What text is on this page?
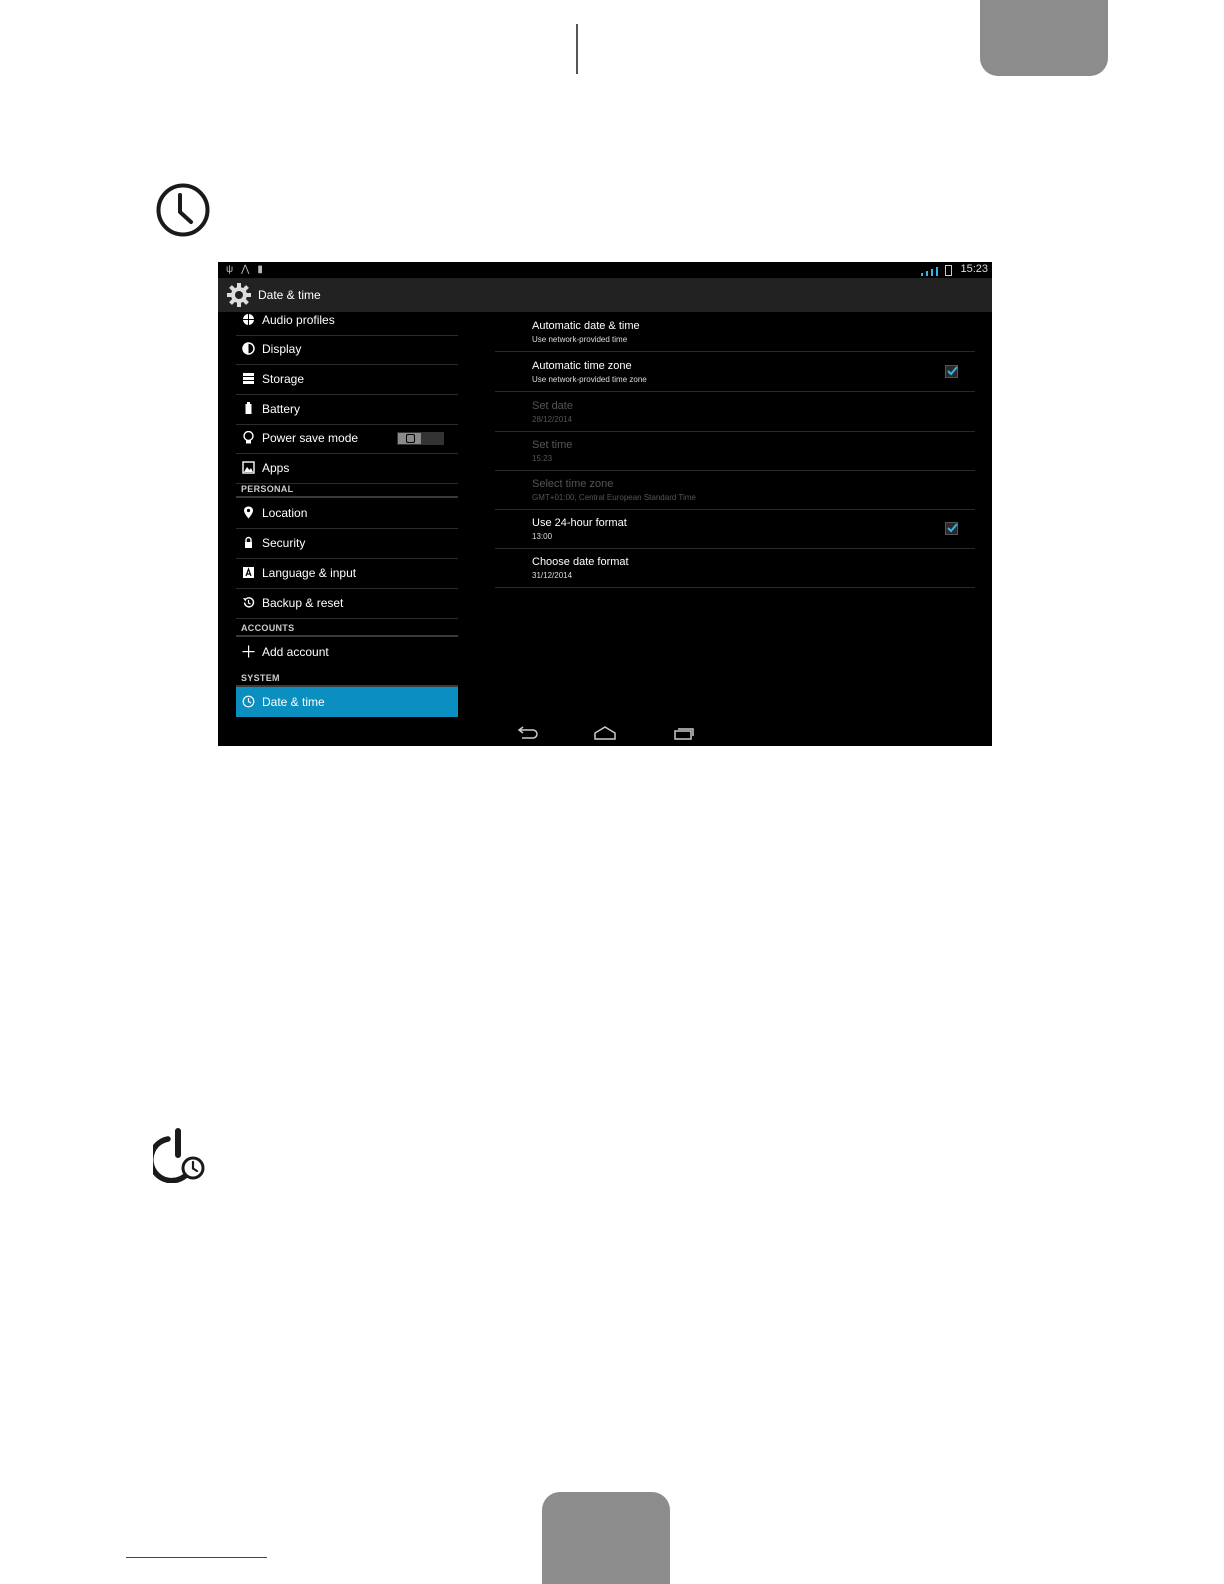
ψ ⋀ ▮	15:23
Date & time
Audio profiles
Display
Storage
Battery
Power save mode
Apps
PERSONAL
Location
Security
Language & input
Backup & reset
ACCOUNTS
Add account
SYSTEM
Date & time
Automatic date & time
Use network-provided time
Automatic time zone
Use network-provided time zone
Set date
28/12/2014
Set time
15:23
Select time zone
GMT+01:00, Central European Standard Time
Use 24-hour format
13:00
Choose date format
31/12/2014
